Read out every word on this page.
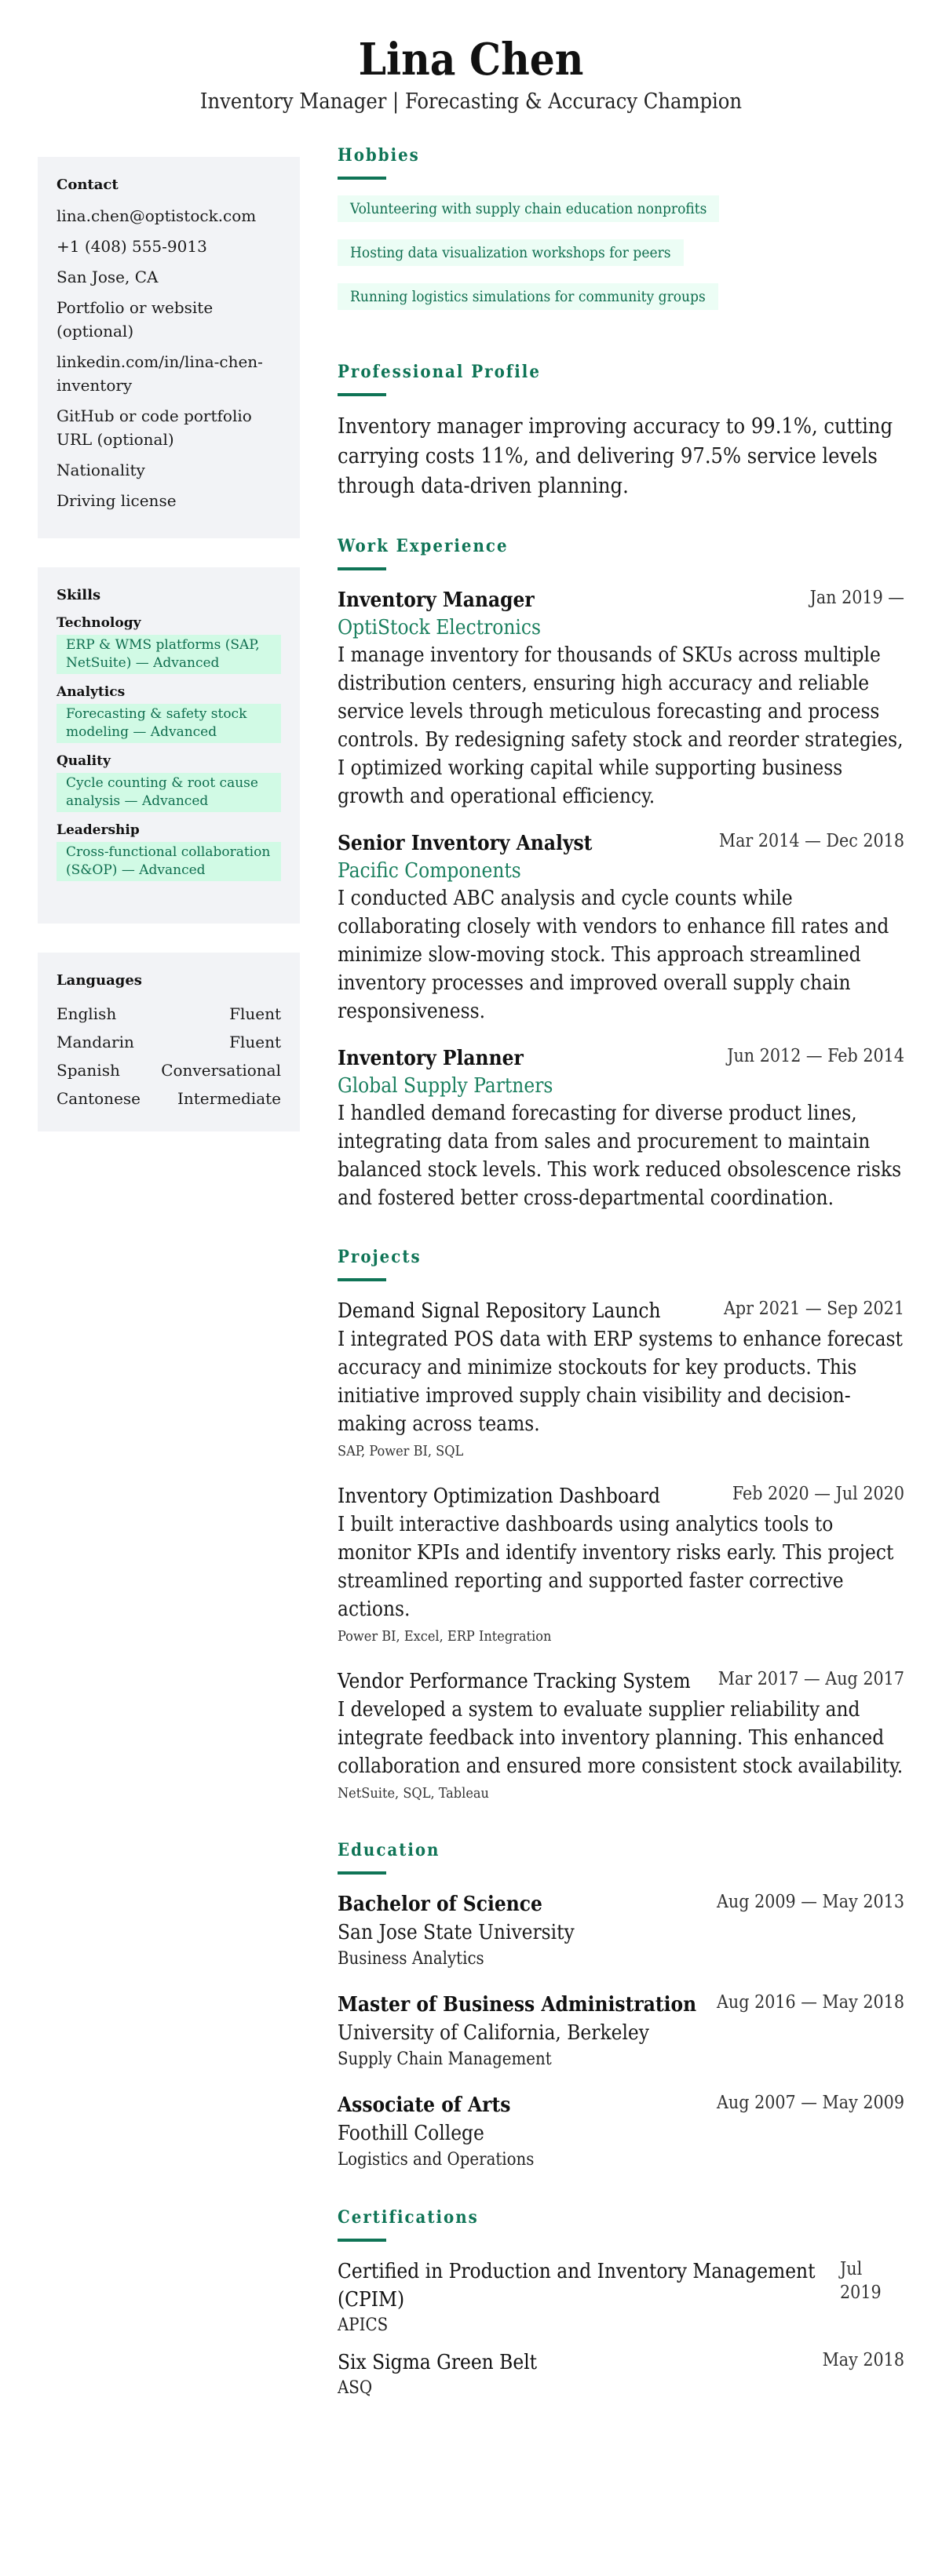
Lina Chen
Inventory Manager | Forecasting & Accuracy Champion
Contact
lina.chen@optistock.com
+1 (408) 555-9013
San Jose, CA
Portfolio or website (optional)
linkedin.com/in/lina-chen-inventory
GitHub or code portfolio URL (optional)
Nationality
Driving license
Skills
Technology
ERP & WMS platforms (SAP, NetSuite) — Advanced
Analytics
Forecasting & safety stock modeling — Advanced
Quality
Cycle counting & root cause analysis — Advanced
Leadership
Cross-functional collaboration (S&OP) — Advanced
Languages
English	Fluent
Mandarin	Fluent
Spanish	Conversational
Cantonese Intermediate
Hobbies
Volunteering with supply chain education nonprofits
Hosting data visualization workshops for peers
Running logistics simulations for community groups
Professional Profile

Inventory manager improving accuracy to 99.1%, cutting carrying costs 11%, and delivering 97.5% service levels through data-driven planning.

Work Experience
Inventory Manager	Jan 2019 —
OptiStock Electronics

I manage inventory for thousands of SKUs across multiple distribution centers, ensuring high accuracy and reliable service levels through meticulous forecasting and process controls. By redesigning safety stock and reorder strategies, I optimized working capital while supporting business growth and operational efficiency.

Senior Inventory Analyst	Mar 2014 — Dec 2018
Pacific Components

I conducted ABC analysis and cycle counts while collaborating closely with vendors to enhance fill rates and minimize slow-moving stock. This approach streamlined inventory processes and improved overall supply chain responsiveness.

Inventory Planner	Jun 2012 — Feb 2014
Global Supply Partners

I handled demand forecasting for diverse product lines, integrating data from sales and procurement to maintain balanced stock levels. This work reduced obsolescence risks and fostered better cross-departmental coordination.

Projects
Demand Signal Repository Launch	Apr 2021 — Sep 2021

I integrated POS data with ERP systems to enhance forecast accuracy and minimize stockouts for key products. This initiative improved supply chain visibility and decision-making across teams.

SAP, Power BI, SQL
Inventory Optimization Dashboard	Feb 2020 — Jul 2020

I built interactive dashboards using analytics tools to monitor KPIs and identify inventory risks early. This project streamlined reporting and supported faster corrective actions.

Power BI, Excel, ERP Integration
Vendor Performance Tracking System Mar 2017 — Aug 2017

I developed a system to evaluate supplier reliability and integrate feedback into inventory planning. This enhanced collaboration and ensured more consistent stock availability.

NetSuite, SQL, Tableau
Education
Bachelor of Science	Aug 2009 — May 2013
San Jose State University
Business Analytics
Master of Business Administration Aug 2016 — May 2018
University of California, Berkeley
Supply Chain Management
Associate of Arts	Aug 2007 — May 2009
Foothill College
Logistics and Operations
Certifications
Certified in Production and Inventory Management (CPIM)
Jul 2019
APICS
Six Sigma Green Belt	May 2018
ASQ
